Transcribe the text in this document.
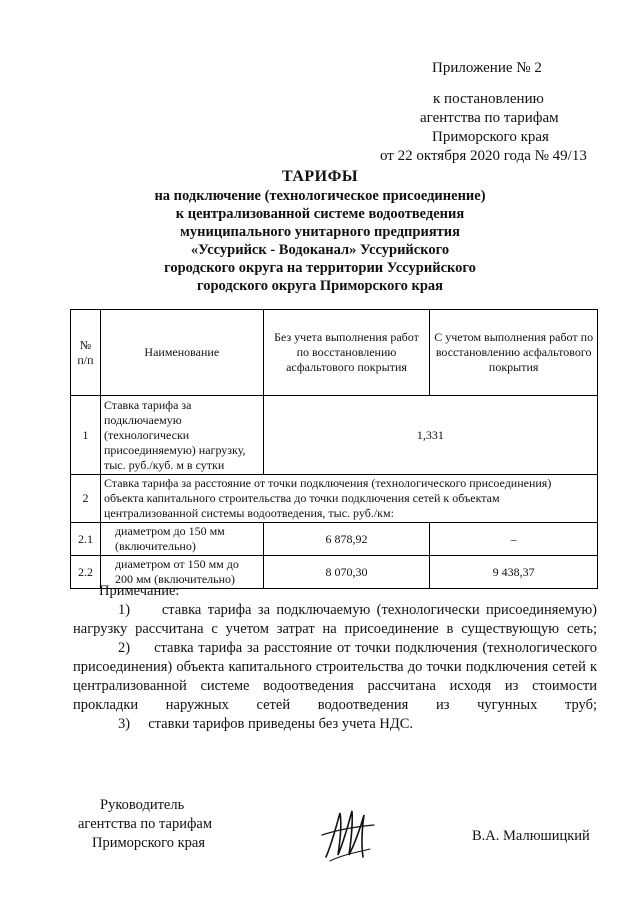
Приложение № 2
к постановлению
агентства по тарифам
Приморского края
от 22 октября 2020 года № 49/13
ТАРИФЫ
на подключение (технологическое присоединение)
к централизованной системе водоотведения
муниципального унитарного предприятия
«Уссурийск - Водоканал» Уссурийского
городского округа на территории Уссурийского
городского округа Приморского края
№ п/п	Наименование	Без учета выполнения работ по восстановлению асфальтового покрытия	С учетом выполнения работ по восстановлению асфальтового покрытия
1	Ставка тарифа за подключаемую (технологически присоединяемую) нагрузку, тыс. руб./куб. м в сутки	1,331	
2	Ставка тарифа за расстояние от точки подключения (технологического присоединения) объекта капитального строительства до точки подключения сетей к объектам централизованной системы водоотведения, тыс. руб./км:		
2.1	диаметром до 150 мм (включительно)	6 878,92	–
2.2	диаметром от 150 мм до 200 мм (включительно)	8 070,30	9 438,37
Примечание:
1) ставка тарифа за подключаемую (технологически присоединяемую) нагрузку рассчитана с учетом затрат на присоединение в существующую сеть;
2) ставка тарифа за расстояние от точки подключения (технологического присоединения) объекта капитального строительства до точки подключения сетей к централизованной системе водоотведения рассчитана исходя из стоимости прокладки наружных сетей водоотведения из чугунных труб;
3) ставки тарифов приведены без учета НДС.
Руководитель
агентства по тарифам
Приморского края	В.А. Малюшицкий
